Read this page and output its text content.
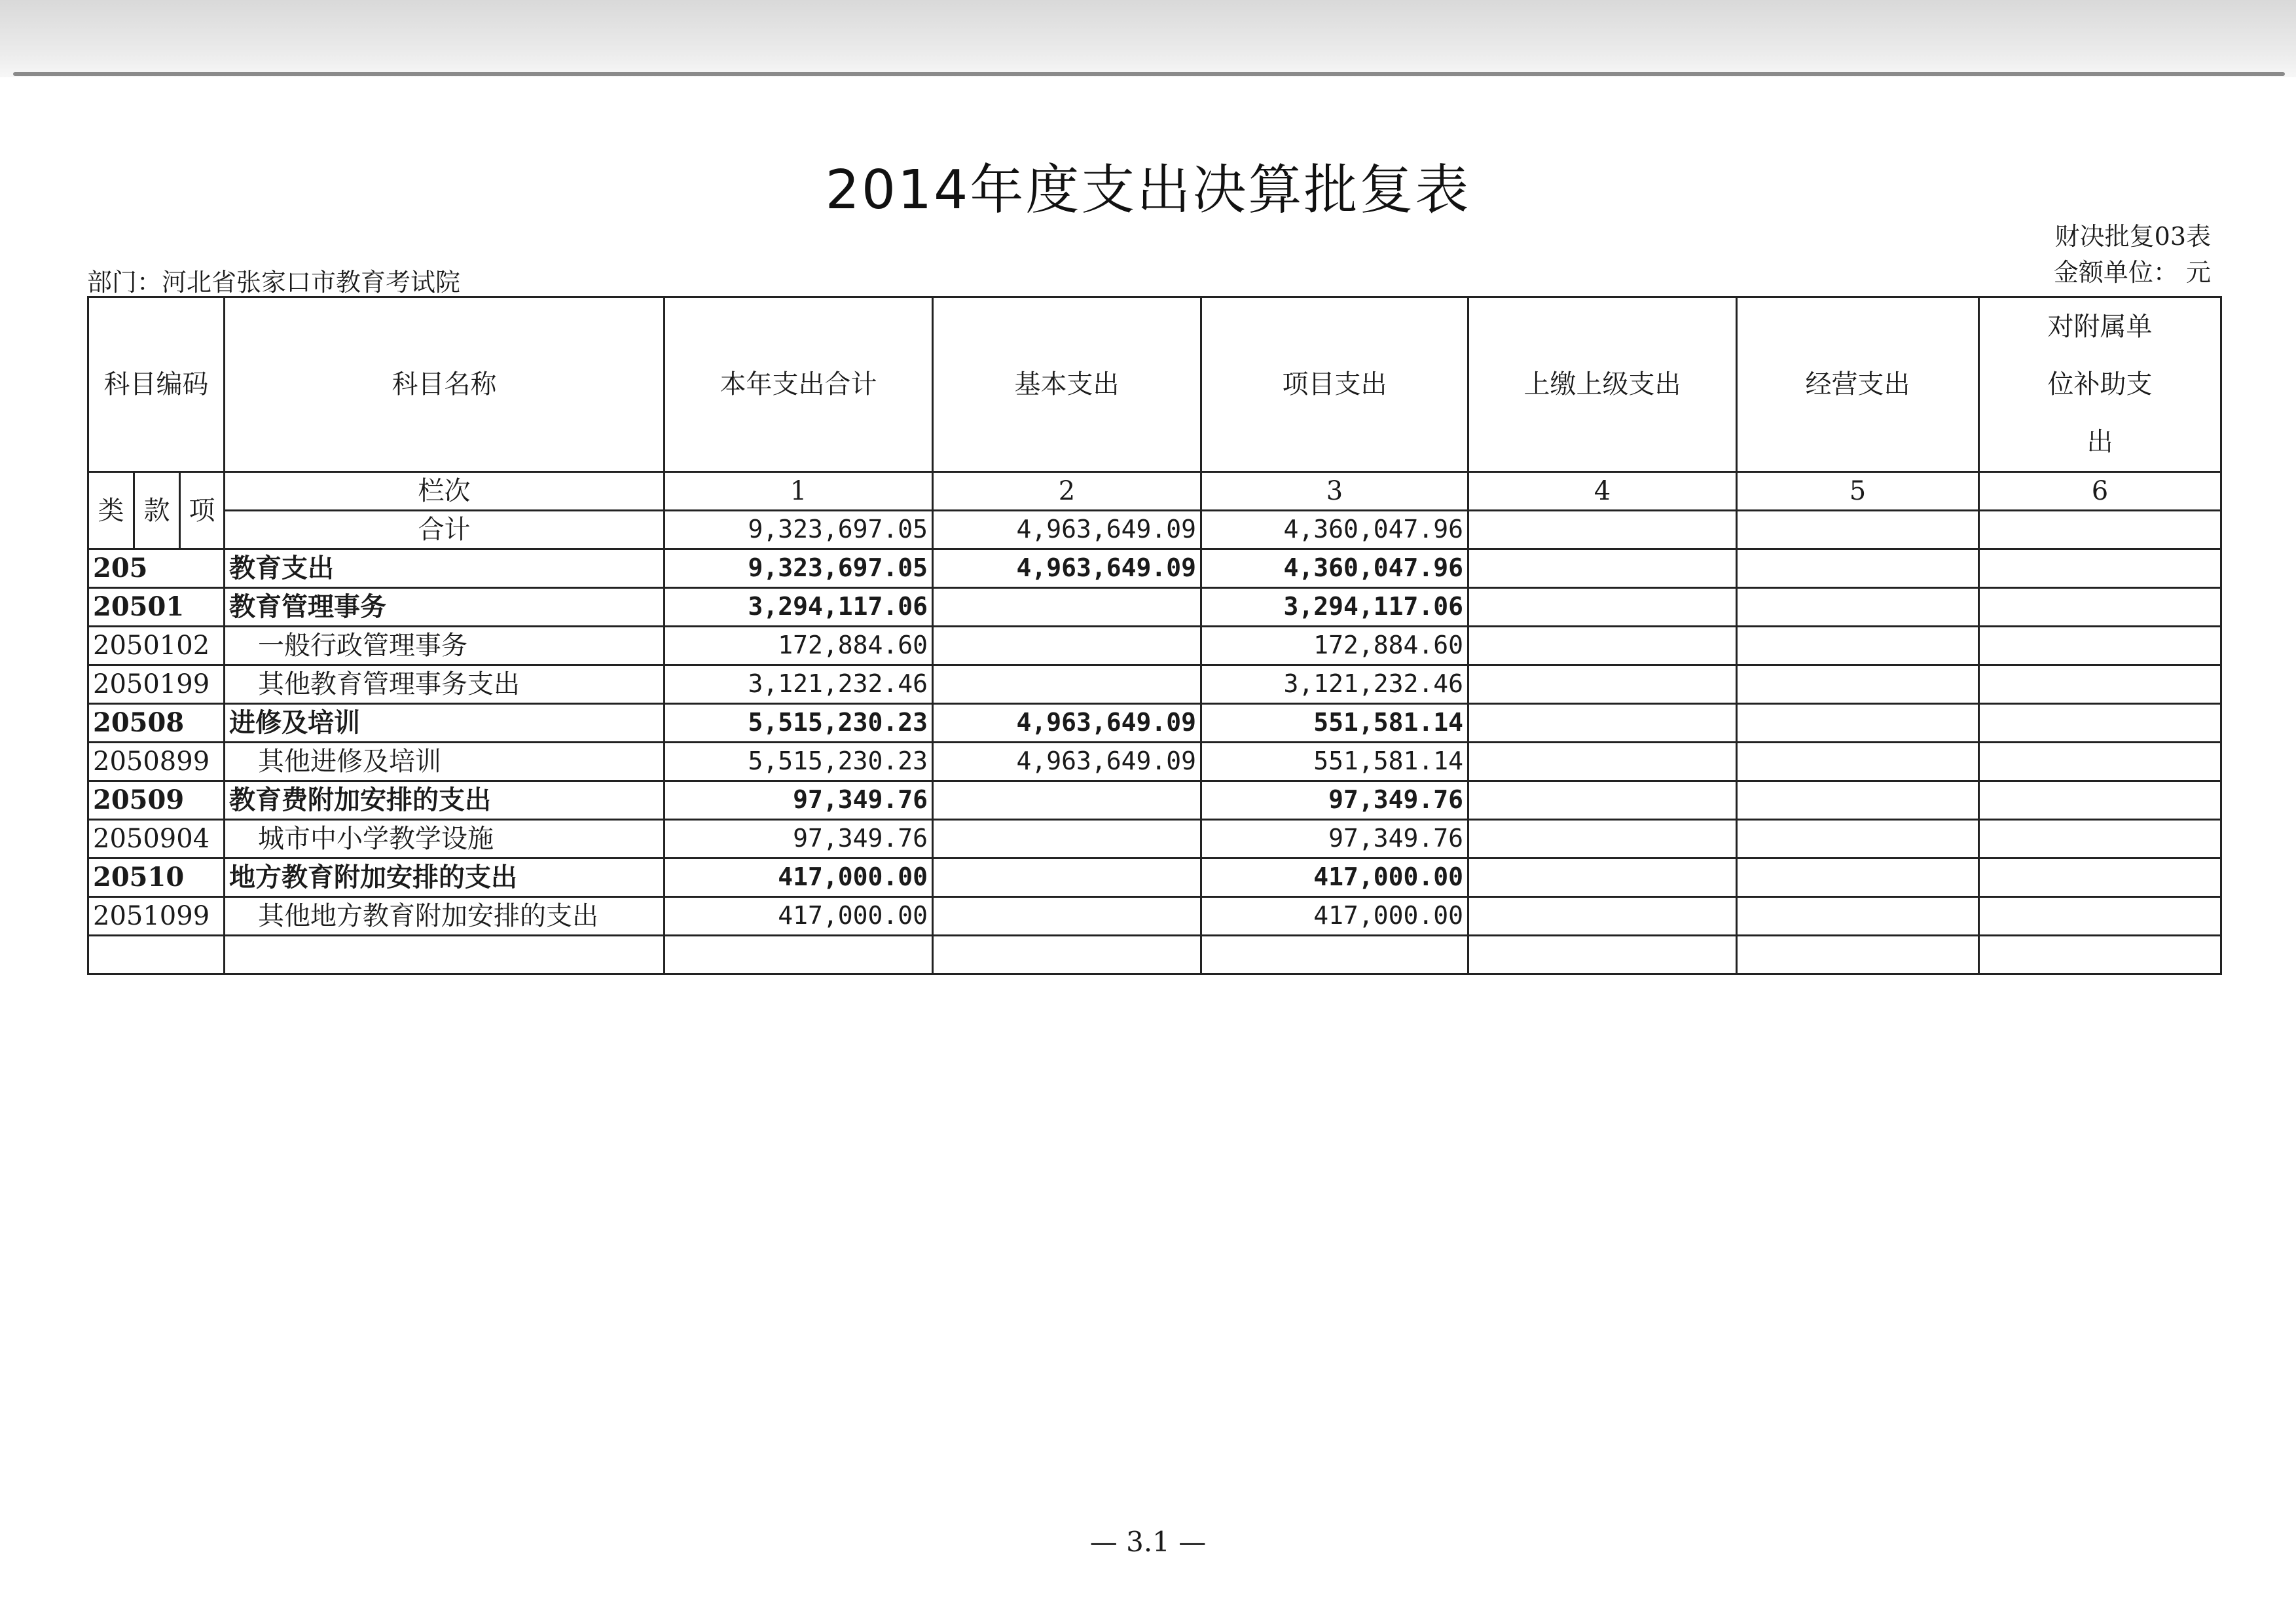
2014年度支出决算批复表
财决批复03表
金额单位： 元
部门：河北省张家口市教育考试院
科目编码			科目名称	本年支出合计	基本支出	项目支出	上缴上级支出	经营支出	对附属单位补助支出
类	款	项	栏次	1	2	3	4	5	6
			合计	9,323,697.05	4,963,649.09	4,360,047.96			
205			教育支出	9,323,697.05	4,963,649.09	4,360,047.96			
20501			教育管理事务	3,294,117.06		3,294,117.06			
2050102			一般行政管理事务	172,884.60		172,884.60			
2050199			其他教育管理事务支出	3,121,232.46		3,121,232.46			
20508			进修及培训	5,515,230.23	4,963,649.09	551,581.14			
2050899			其他进修及培训	5,515,230.23	4,963,649.09	551,581.14			
20509			教育费附加安排的支出	97,349.76		97,349.76			
2050904			城市中小学教学设施	97,349.76		97,349.76			
20510			地方教育附加安排的支出	417,000.00		417,000.00			
2051099			其他地方教育附加安排的支出	417,000.00		417,000.00			

— 3.1 —
